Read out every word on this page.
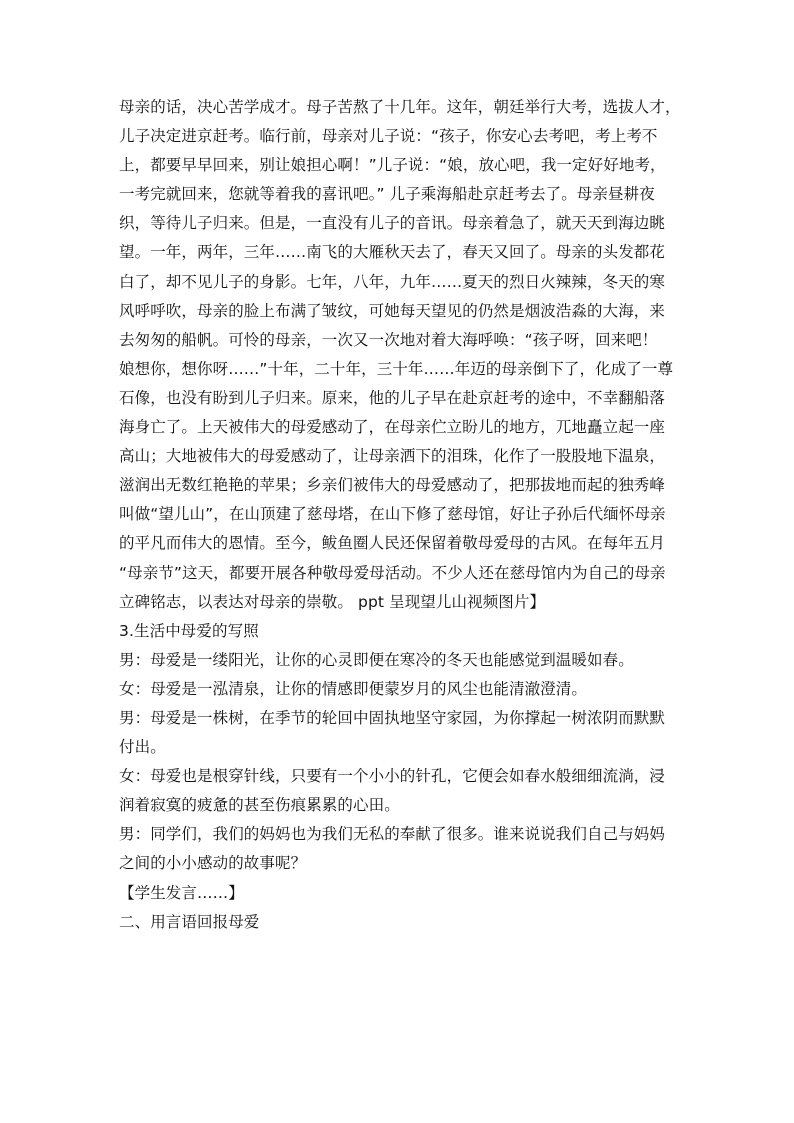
母亲的话，决心苦学成才。母子苦熬了十几年。这年，朝廷举行大考，选拔人才，
儿子决定进京赶考。临行前，母亲对儿子说：“孩子，你安心去考吧，考上考不
上，都要早早回来，别让娘担心啊！”儿子说：“娘，放心吧，我一定好好地考，
一考完就回来，您就等着我的喜讯吧。” 儿子乘海船赴京赶考去了。母亲昼耕夜
织，等待儿子归来。但是，一直没有儿子的音讯。母亲着急了，就天天到海边眺
望。一年，两年，三年……南飞的大雁秋天去了，春天又回了。母亲的头发都花
白了，却不见儿子的身影。七年，八年，九年……夏天的烈日火辣辣，冬天的寒
风呼呼吹，母亲的脸上布满了皱纹，可她每天望见的仍然是烟波浩淼的大海，来
去匆匆的船帆。可怜的母亲，一次又一次地对着大海呼唤：“孩子呀，回来吧！
娘想你，想你呀……”十年，二十年，三十年……年迈的母亲倒下了，化成了一尊
石像，也没有盼到儿子归来。原来，他的儿子早在赴京赶考的途中，不幸翻船落
海身亡了。上天被伟大的母爱感动了，在母亲伫立盼儿的地方，兀地矗立起一座
高山；大地被伟大的母爱感动了，让母亲洒下的泪珠，化作了一股股地下温泉，
滋润出无数红艳艳的苹果；乡亲们被伟大的母爱感动了，把那拔地而起的独秀峰
叫做“望儿山”，在山顶建了慈母塔，在山下修了慈母馆，好让子孙后代缅怀母亲
的平凡而伟大的恩情。至今，鲅鱼圈人民还保留着敬母爱母的古风。在每年五月
“母亲节”这天，都要开展各种敬母爱母活动。不少人还在慈母馆内为自己的母亲
立碑铭志，以表达对母亲的崇敬。 ppt 呈现望儿山视频图片】
3.生活中母爱的写照
男：母爱是一缕阳光，让你的心灵即便在寒冷的冬天也能感觉到温暖如春。
女：母爱是一泓清泉，让你的情感即便蒙岁月的风尘也能清澈澄清。
男：母爱是一株树，在季节的轮回中固执地坚守家园，为你撑起一树浓阴而默默
付出。
女：母爱也是根穿针线，只要有一个小小的针孔，它便会如春水般细细流淌，浸
润着寂寞的疲惫的甚至伤痕累累的心田。
男：同学们，我们的妈妈也为我们无私的奉献了很多。谁来说说我们自己与妈妈
之间的小小感动的故事呢？
【学生发言……】
二、用言语回报母爱
